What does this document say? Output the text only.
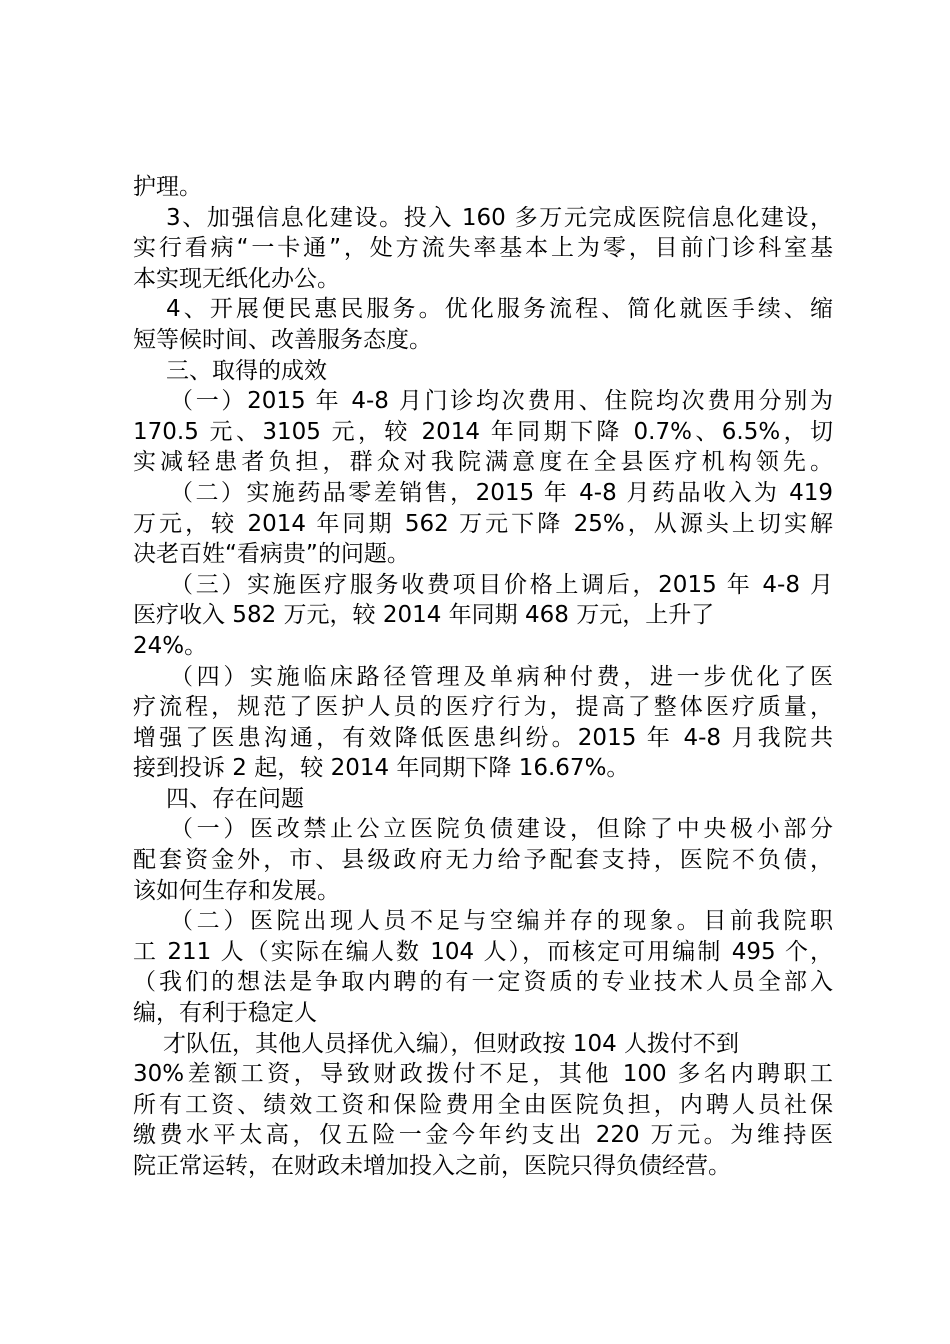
护理。
3、加强信息化建设。投入 160 多万元完成医院信息化建设，
实行看病“一卡通”，处方流失率基本上为零，目前门诊科室基
本实现无纸化办公。
4、开展便民惠民服务。优化服务流程、简化就医手续、缩
短等候时间、改善服务态度。
三、取得的成效
（一）2015 年 4-8 月门诊均次费用、住院均次费用分别为
170.5 元、3105 元，较 2014 年同期下降 0.7%、6.5%，切
实减轻患者负担，群众对我院满意度在全县医疗机构领先。
（二）实施药品零差销售，2015 年 4-8 月药品收入为 419
万元，较 2014 年同期 562 万元下降 25%，从源头上切实解
决老百姓“看病贵”的问题。
（三）实施医疗服务收费项目价格上调后，2015 年 4-8 月
医疗收入 582 万元，较 2014 年同期 468 万元，上升了
24%。
（四）实施临床路径管理及单病种付费，进一步优化了医
疗流程，规范了医护人员的医疗行为，提高了整体医疗质量，
增强了医患沟通，有效降低医患纠纷。2015 年 4-8 月我院共
接到投诉 2 起，较 2014 年同期下降 16.67%。
四、存在问题
（一）医改禁止公立医院负债建设，但除了中央极小部分
配套资金外，市、县级政府无力给予配套支持，医院不负债，
该如何生存和发展。
（二）医院出现人员不足与空编并存的现象。目前我院职
工 211 人（实际在编人数 104 人），而核定可用编制 495 个，
（我们的想法是争取内聘的有一定资质的专业技术人员全部入
编，有利于稳定人
才队伍，其他人员择优入编），但财政按 104 人拨付不到
30%差额工资，导致财政拨付不足，其他 100 多名内聘职工
所有工资、绩效工资和保险费用全由医院负担，内聘人员社保
缴费水平太高，仅五险一金今年约支出 220 万元。为维持医
院正常运转，在财政未增加投入之前，医院只得负债经营。
